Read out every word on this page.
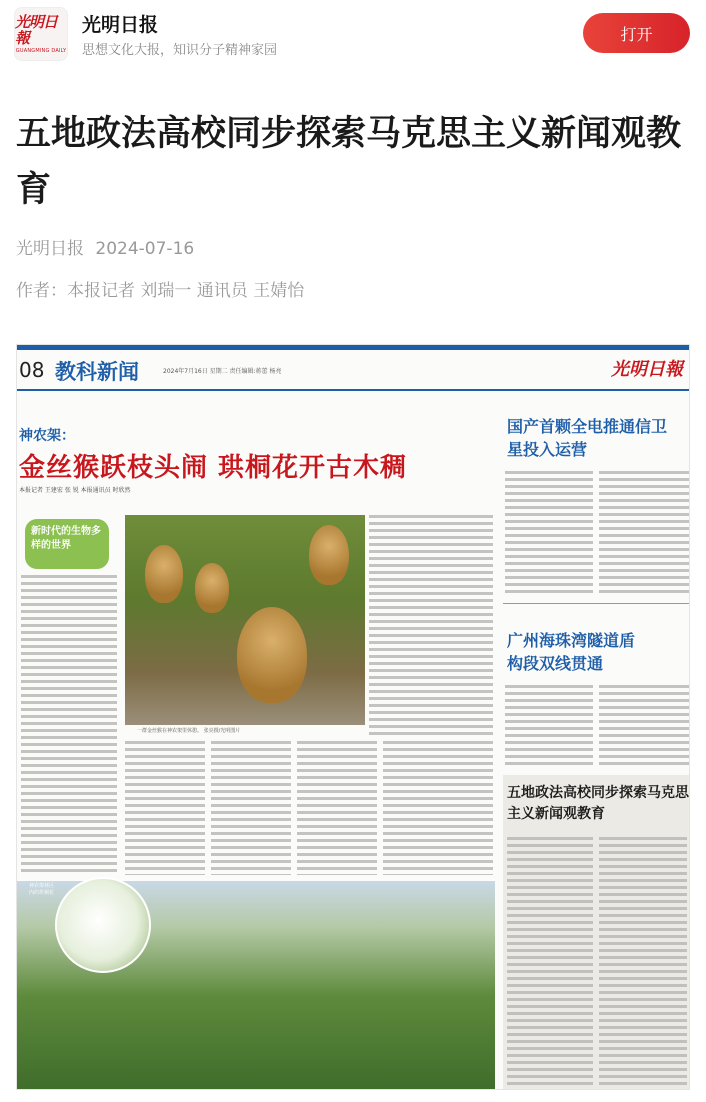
光明日報
GUANGMING DAILY
光明日报
思想文化大报，知识分子精神家园
打开
五地政法高校同步探索马克思主义新闻观教育
光明日报 2024-07-16
作者：本报记者 刘瑞一 通讯员 王婧怡
08 教科新闻	2024年7月16日 星期二 责任编辑:蒋蕾 杨亮	光明日報
神农架：
金丝猴跃枝头闹 珙桐花开古木稠
本报记者 王建宏 张 锐 本报通讯员 时欣然
新时代的生物多样的世界
一群金丝猴在神农架里休憩。 张亮摄/光明图片
神农架林区内的珙桐花
国产首颗全电推通信卫星投入运营
广州海珠湾隧道盾构段双线贯通
五地政法高校同步探索马克思主义新闻观教育
